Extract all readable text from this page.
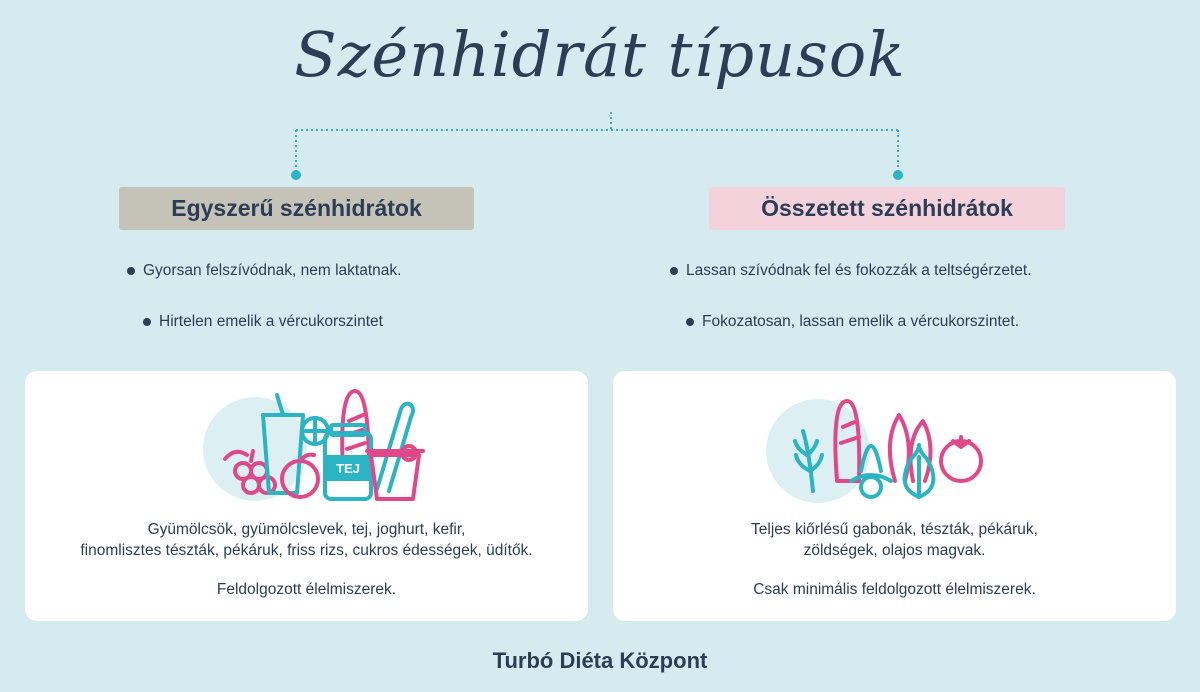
Szénhidrát típusok
Egyszerű szénhidrátok	Összetett szénhidrátok
Gyorsan felszívódnak, nem laktatnak.
Hirtelen emelik a vércukorszintet
Lassan szívódnak fel és fokozzák a teltségérzetet.
Fokozatosan, lassan emelik a vércukorszintet.
TEJ
Gyümölcsök, gyümölcslevek, tej, joghurt, kefir,
finomlisztes tészták, pékáruk, friss rizs, cukros édességek, üdítők.
Feldolgozott élelmiszerek.
Teljes kiőrlésű gabonák, tészták, pékáruk,
zöldségek, olajos magvak.
Csak minimális feldolgozott élelmiszerek.
Turbó Diéta Központ
